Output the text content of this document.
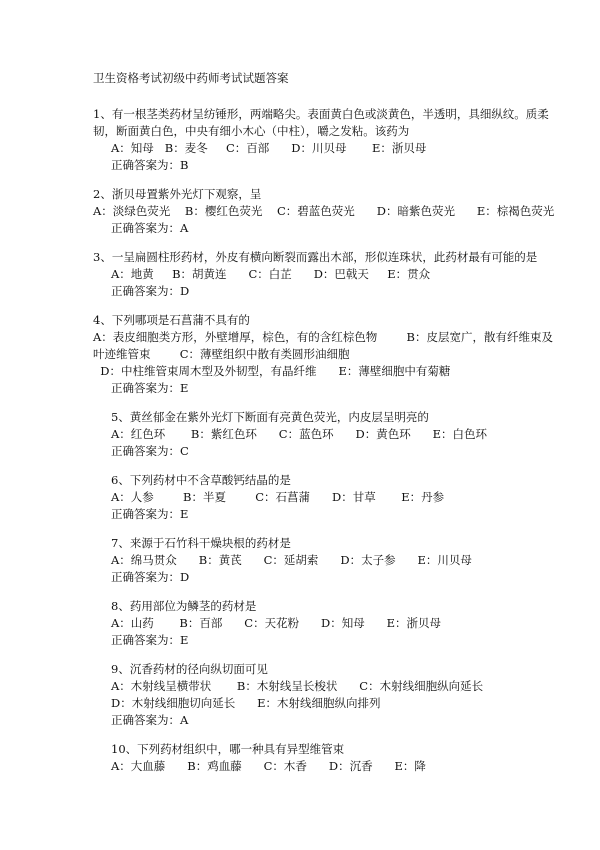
卫生资格考试初级中药师考试试题答案
1、有一根茎类药材呈纺锤形，两端略尖。表面黄白色或淡黄色，半透明，具细纵纹。质柔
韧，断面黄白色，中央有细小木心（中柱），嚼之发粘。该药为
A：知母   B：麦冬     C：百部      D：川贝母       E：浙贝母
正确答案为：B
2、浙贝母置紫外光灯下观察，呈
A：淡绿色荧光    B：樱红色荧光    C：碧蓝色荧光      D：暗紫色荧光      E：棕褐色荧光
正确答案为：A
3、一呈扁圆柱形药材，外皮有横向断裂而露出木部，形似连珠状，此药材最有可能的是
A：地黄     B：胡黄连      C：白芷      D：巴戟天     E：贯众
正确答案为：D
4、下列哪项是石菖蒲不具有的
A：表皮细胞类方形，外壁增厚，棕色，有的含红棕色物        B：皮层宽广，散有纤维束及
叶迹维管束        C：薄壁组织中散有类圆形油细胞
D：中柱维管束周木型及外韧型，有晶纤维      E：薄壁细胞中有菊糖
正确答案为：E
5、黄丝郁金在紫外光灯下断面有亮黄色荧光，内皮层呈明亮的
A：红色环       B：紫红色环      C：蓝色环      D：黄色环      E：白色环
正确答案为：C
6、下列药材中不含草酸钙结晶的是
A：人参        B：半夏        C：石菖蒲      D：甘草       E：丹参
正确答案为：E
7、来源于石竹科干燥块根的药材是
A：绵马贯众      B：黄芪      C：延胡索      D：太子参      E：川贝母
正确答案为：D
8、药用部位为鳞茎的药材是
A：山药       B：百部      C：天花粉      D：知母      E：浙贝母
正确答案为：E
9、沉香药材的径向纵切面可见
A：木射线呈横带状       B：木射线呈长梭状      C：木射线细胞纵向延长
D：木射线细胞切向延长      E：木射线细胞纵向排列
正确答案为：A
10、下列药材组织中，哪一种具有异型维管束
A：大血藤      B：鸡血藤      C：木香      D：沉香      E：降
